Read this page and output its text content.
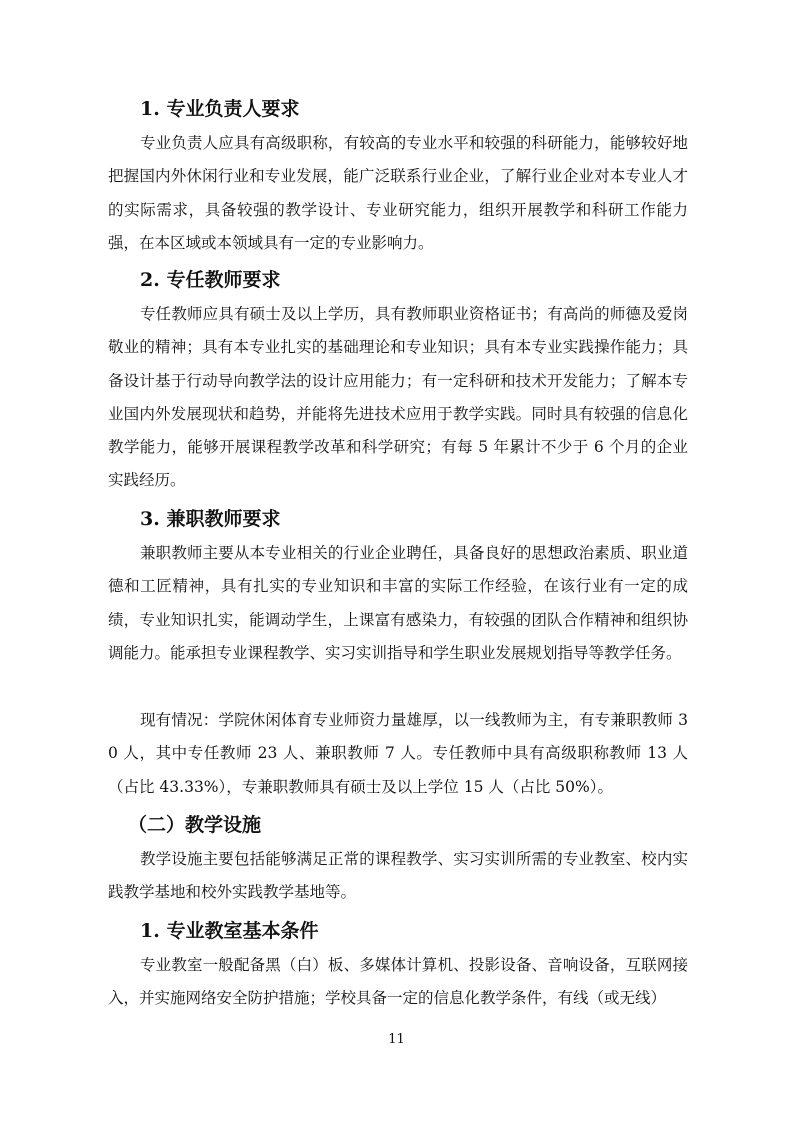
1. 专业负责人要求

专业负责人应具有高级职称，有较高的专业水平和较强的科研能力，能够较好地把握国内外休闲行业和专业发展，能广泛联系行业企业，了解行业企业对本专业人才的实际需求，具备较强的教学设计、专业研究能力，组织开展教学和科研工作能力强，在本区域或本领域具有一定的专业影响力。

2. 专任教师要求

专任教师应具有硕士及以上学历，具有教师职业资格证书；有高尚的师德及爱岗敬业的精神；具有本专业扎实的基础理论和专业知识；具有本专业实践操作能力；具备设计基于行动导向教学法的设计应用能力；有一定科研和技术开发能力；了解本专业国内外发展现状和趋势，并能将先进技术应用于教学实践。同时具有较强的信息化教学能力，能够开展课程教学改革和科学研究；有每 5 年累计不少于 6 个月的企业实践经历。

3. 兼职教师要求

兼职教师主要从本专业相关的行业企业聘任，具备良好的思想政治素质、职业道德和工匠精神，具有扎实的专业知识和丰富的实际工作经验，在该行业有一定的成绩，专业知识扎实，能调动学生，上课富有感染力，有较强的团队合作精神和组织协调能力。能承担专业课程教学、实习实训指导和学生职业发展规划指导等教学任务。

现有情况：学院休闲体育专业师资力量雄厚，以一线教师为主，有专兼职教师 30 人，其中专任教师 23 人、兼职教师 7 人。专任教师中具有高级职称教师 13 人（占比 43.33%），专兼职教师具有硕士及以上学位 15 人（占比 50%）。

（二）教学设施

教学设施主要包括能够满足正常的课程教学、实习实训所需的专业教室、校内实践教学基地和校外实践教学基地等。

1. 专业教室基本条件

专业教室一般配备黑（白）板、多媒体计算机、投影设备、音响设备，互联网接入，并实施网络安全防护措施；学校具备一定的信息化教学条件，有线（或无线）

11
